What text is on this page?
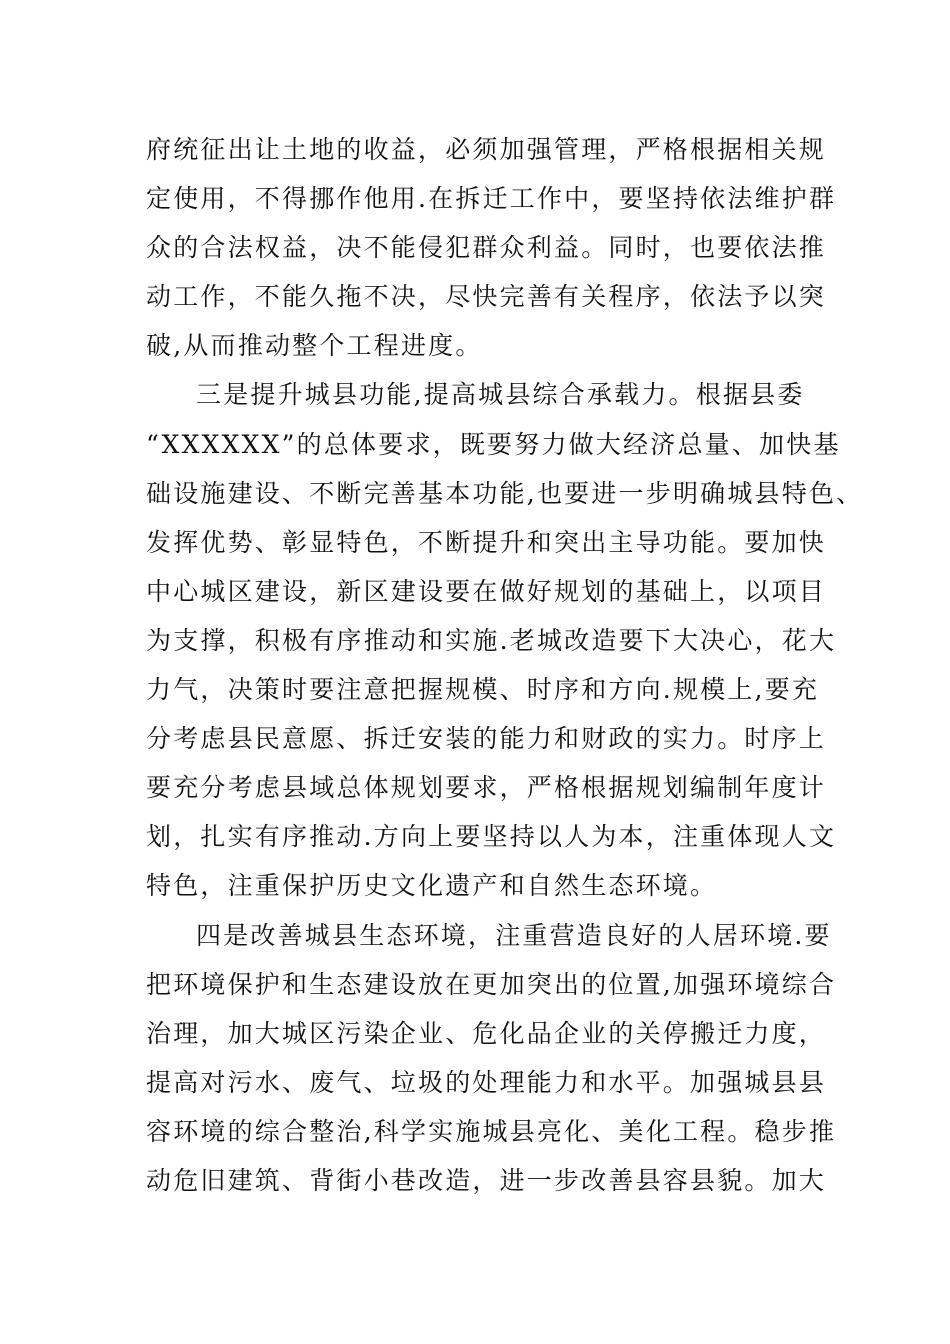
府统征出让土地的收益，必须加强管理，严格根据相关规
定使用，不得挪作他用.在拆迁工作中，要坚持依法维护群
众的合法权益，决不能侵犯群众利益。同时，也要依法推
动工作，不能久拖不决，尽快完善有关程序，依法予以突
破,从而推动整个工程进度。
三是提升城县功能,提高城县综合承载力。根据县委
“XXXXXX”的总体要求，既要努力做大经济总量、加快基
础设施建设、不断完善基本功能,也要进一步明确城县特色、
发挥优势、彰显特色，不断提升和突出主导功能。要加快
中心城区建设，新区建设要在做好规划的基础上，以项目
为支撑，积极有序推动和实施.老城改造要下大决心，花大
力气，决策时要注意把握规模、时序和方向.规模上,要充
分考虑县民意愿、拆迁安装的能力和财政的实力。时序上
要充分考虑县域总体规划要求，严格根据规划编制年度计
划，扎实有序推动.方向上要坚持以人为本，注重体现人文
特色，注重保护历史文化遗产和自然生态环境。
四是改善城县生态环境，注重营造良好的人居环境.要
把环境保护和生态建设放在更加突出的位置,加强环境综合
治理，加大城区污染企业、危化品企业的关停搬迁力度，
提高对污水、废气、垃圾的处理能力和水平。加强城县县
容环境的综合整治,科学实施城县亮化、美化工程。稳步推
动危旧建筑、背街小巷改造，进一步改善县容县貌。加大
